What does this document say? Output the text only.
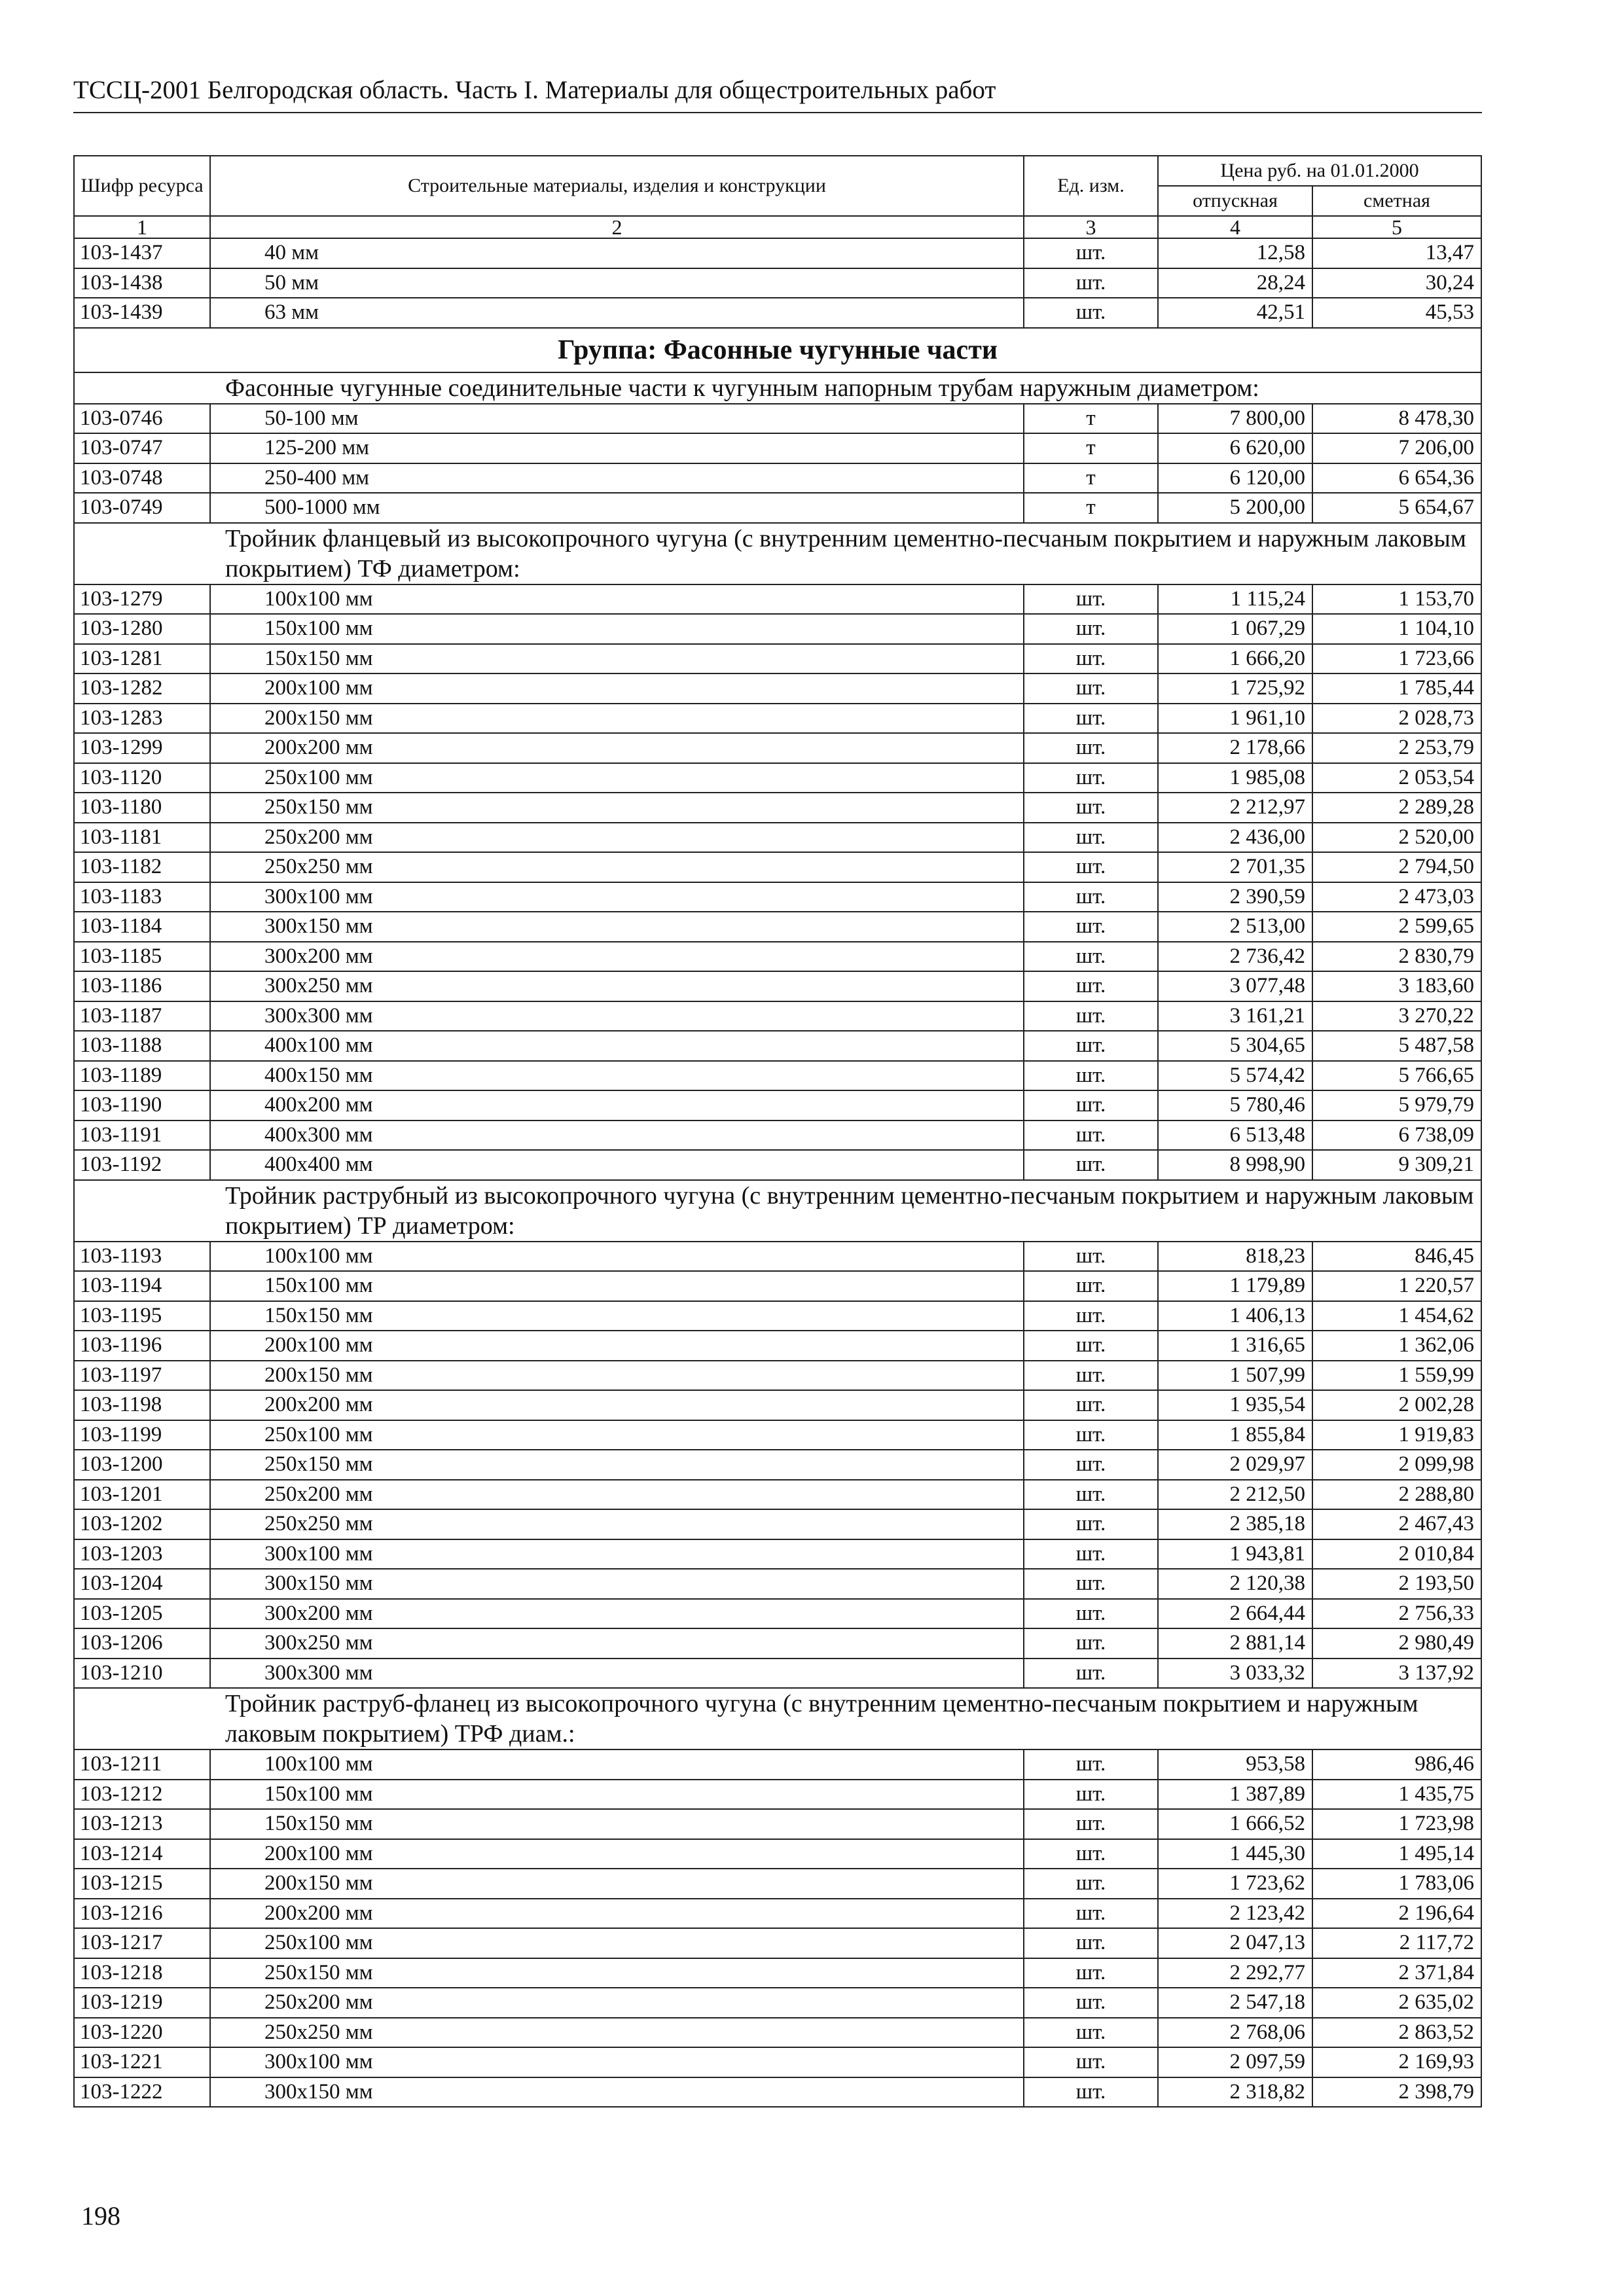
ТССЦ-2001 Белгородская область. Часть I. Материалы для общестроительных работ
Шифр ресурса	Строительные материалы, изделия и конструкции	Ед. изм.	Цена руб. на 01.01.2000	
			отпускная	сметная
1	2	3	4	5
103-1437	40 мм	шт.	12,58	13,47
103-1438	50 мм	шт.	28,24	30,24
103-1439	63 мм	шт.	42,51	45,53
Группа: Фасонные чугунные части				
Фасонные чугунные соединительные части к чугунным напорным трубам наружным диаметром:				
103-0746	50-100 мм	т	7 800,00	8 478,30
103-0747	125-200 мм	т	6 620,00	7 206,00
103-0748	250-400 мм	т	6 120,00	6 654,36
103-0749	500-1000 мм	т	5 200,00	5 654,67
Тройник фланцевый из высокопрочного чугуна (с внутренним цементно-песчаным покрытием и наружным лаковым покрытием) ТФ диаметром:				
103-1279	100x100 мм	шт.	1 115,24	1 153,70
103-1280	150x100 мм	шт.	1 067,29	1 104,10
103-1281	150x150 мм	шт.	1 666,20	1 723,66
103-1282	200x100 мм	шт.	1 725,92	1 785,44
103-1283	200x150 мм	шт.	1 961,10	2 028,73
103-1299	200x200 мм	шт.	2 178,66	2 253,79
103-1120	250x100 мм	шт.	1 985,08	2 053,54
103-1180	250x150 мм	шт.	2 212,97	2 289,28
103-1181	250x200 мм	шт.	2 436,00	2 520,00
103-1182	250x250 мм	шт.	2 701,35	2 794,50
103-1183	300x100 мм	шт.	2 390,59	2 473,03
103-1184	300x150 мм	шт.	2 513,00	2 599,65
103-1185	300x200 мм	шт.	2 736,42	2 830,79
103-1186	300x250 мм	шт.	3 077,48	3 183,60
103-1187	300x300 мм	шт.	3 161,21	3 270,22
103-1188	400x100 мм	шт.	5 304,65	5 487,58
103-1189	400x150 мм	шт.	5 574,42	5 766,65
103-1190	400x200 мм	шт.	5 780,46	5 979,79
103-1191	400x300 мм	шт.	6 513,48	6 738,09
103-1192	400x400 мм	шт.	8 998,90	9 309,21
Тройник раструбный из высокопрочного чугуна (с внутренним цементно-песчаным покрытием и наружным лаковым покрытием) ТР диаметром:				
103-1193	100x100 мм	шт.	818,23	846,45
103-1194	150x100 мм	шт.	1 179,89	1 220,57
103-1195	150x150 мм	шт.	1 406,13	1 454,62
103-1196	200x100 мм	шт.	1 316,65	1 362,06
103-1197	200x150 мм	шт.	1 507,99	1 559,99
103-1198	200x200 мм	шт.	1 935,54	2 002,28
103-1199	250x100 мм	шт.	1 855,84	1 919,83
103-1200	250x150 мм	шт.	2 029,97	2 099,98
103-1201	250x200 мм	шт.	2 212,50	2 288,80
103-1202	250x250 мм	шт.	2 385,18	2 467,43
103-1203	300x100 мм	шт.	1 943,81	2 010,84
103-1204	300x150 мм	шт.	2 120,38	2 193,50
103-1205	300x200 мм	шт.	2 664,44	2 756,33
103-1206	300x250 мм	шт.	2 881,14	2 980,49
103-1210	300x300 мм	шт.	3 033,32	3 137,92
Тройник раструб-фланец из высокопрочного чугуна (с внутренним цементно-песчаным покрытием и наружным лаковым покрытием) ТРФ диам.:				
103-1211	100x100 мм	шт.	953,58	986,46
103-1212	150x100 мм	шт.	1 387,89	1 435,75
103-1213	150x150 мм	шт.	1 666,52	1 723,98
103-1214	200x100 мм	шт.	1 445,30	1 495,14
103-1215	200x150 мм	шт.	1 723,62	1 783,06
103-1216	200x200 мм	шт.	2 123,42	2 196,64
103-1217	250x100 мм	шт.	2 047,13	2 117,72
103-1218	250x150 мм	шт.	2 292,77	2 371,84
103-1219	250x200 мм	шт.	2 547,18	2 635,02
103-1220	250x250 мм	шт.	2 768,06	2 863,52
103-1221	300x100 мм	шт.	2 097,59	2 169,93
103-1222	300x150 мм	шт.	2 318,82	2 398,79
198
